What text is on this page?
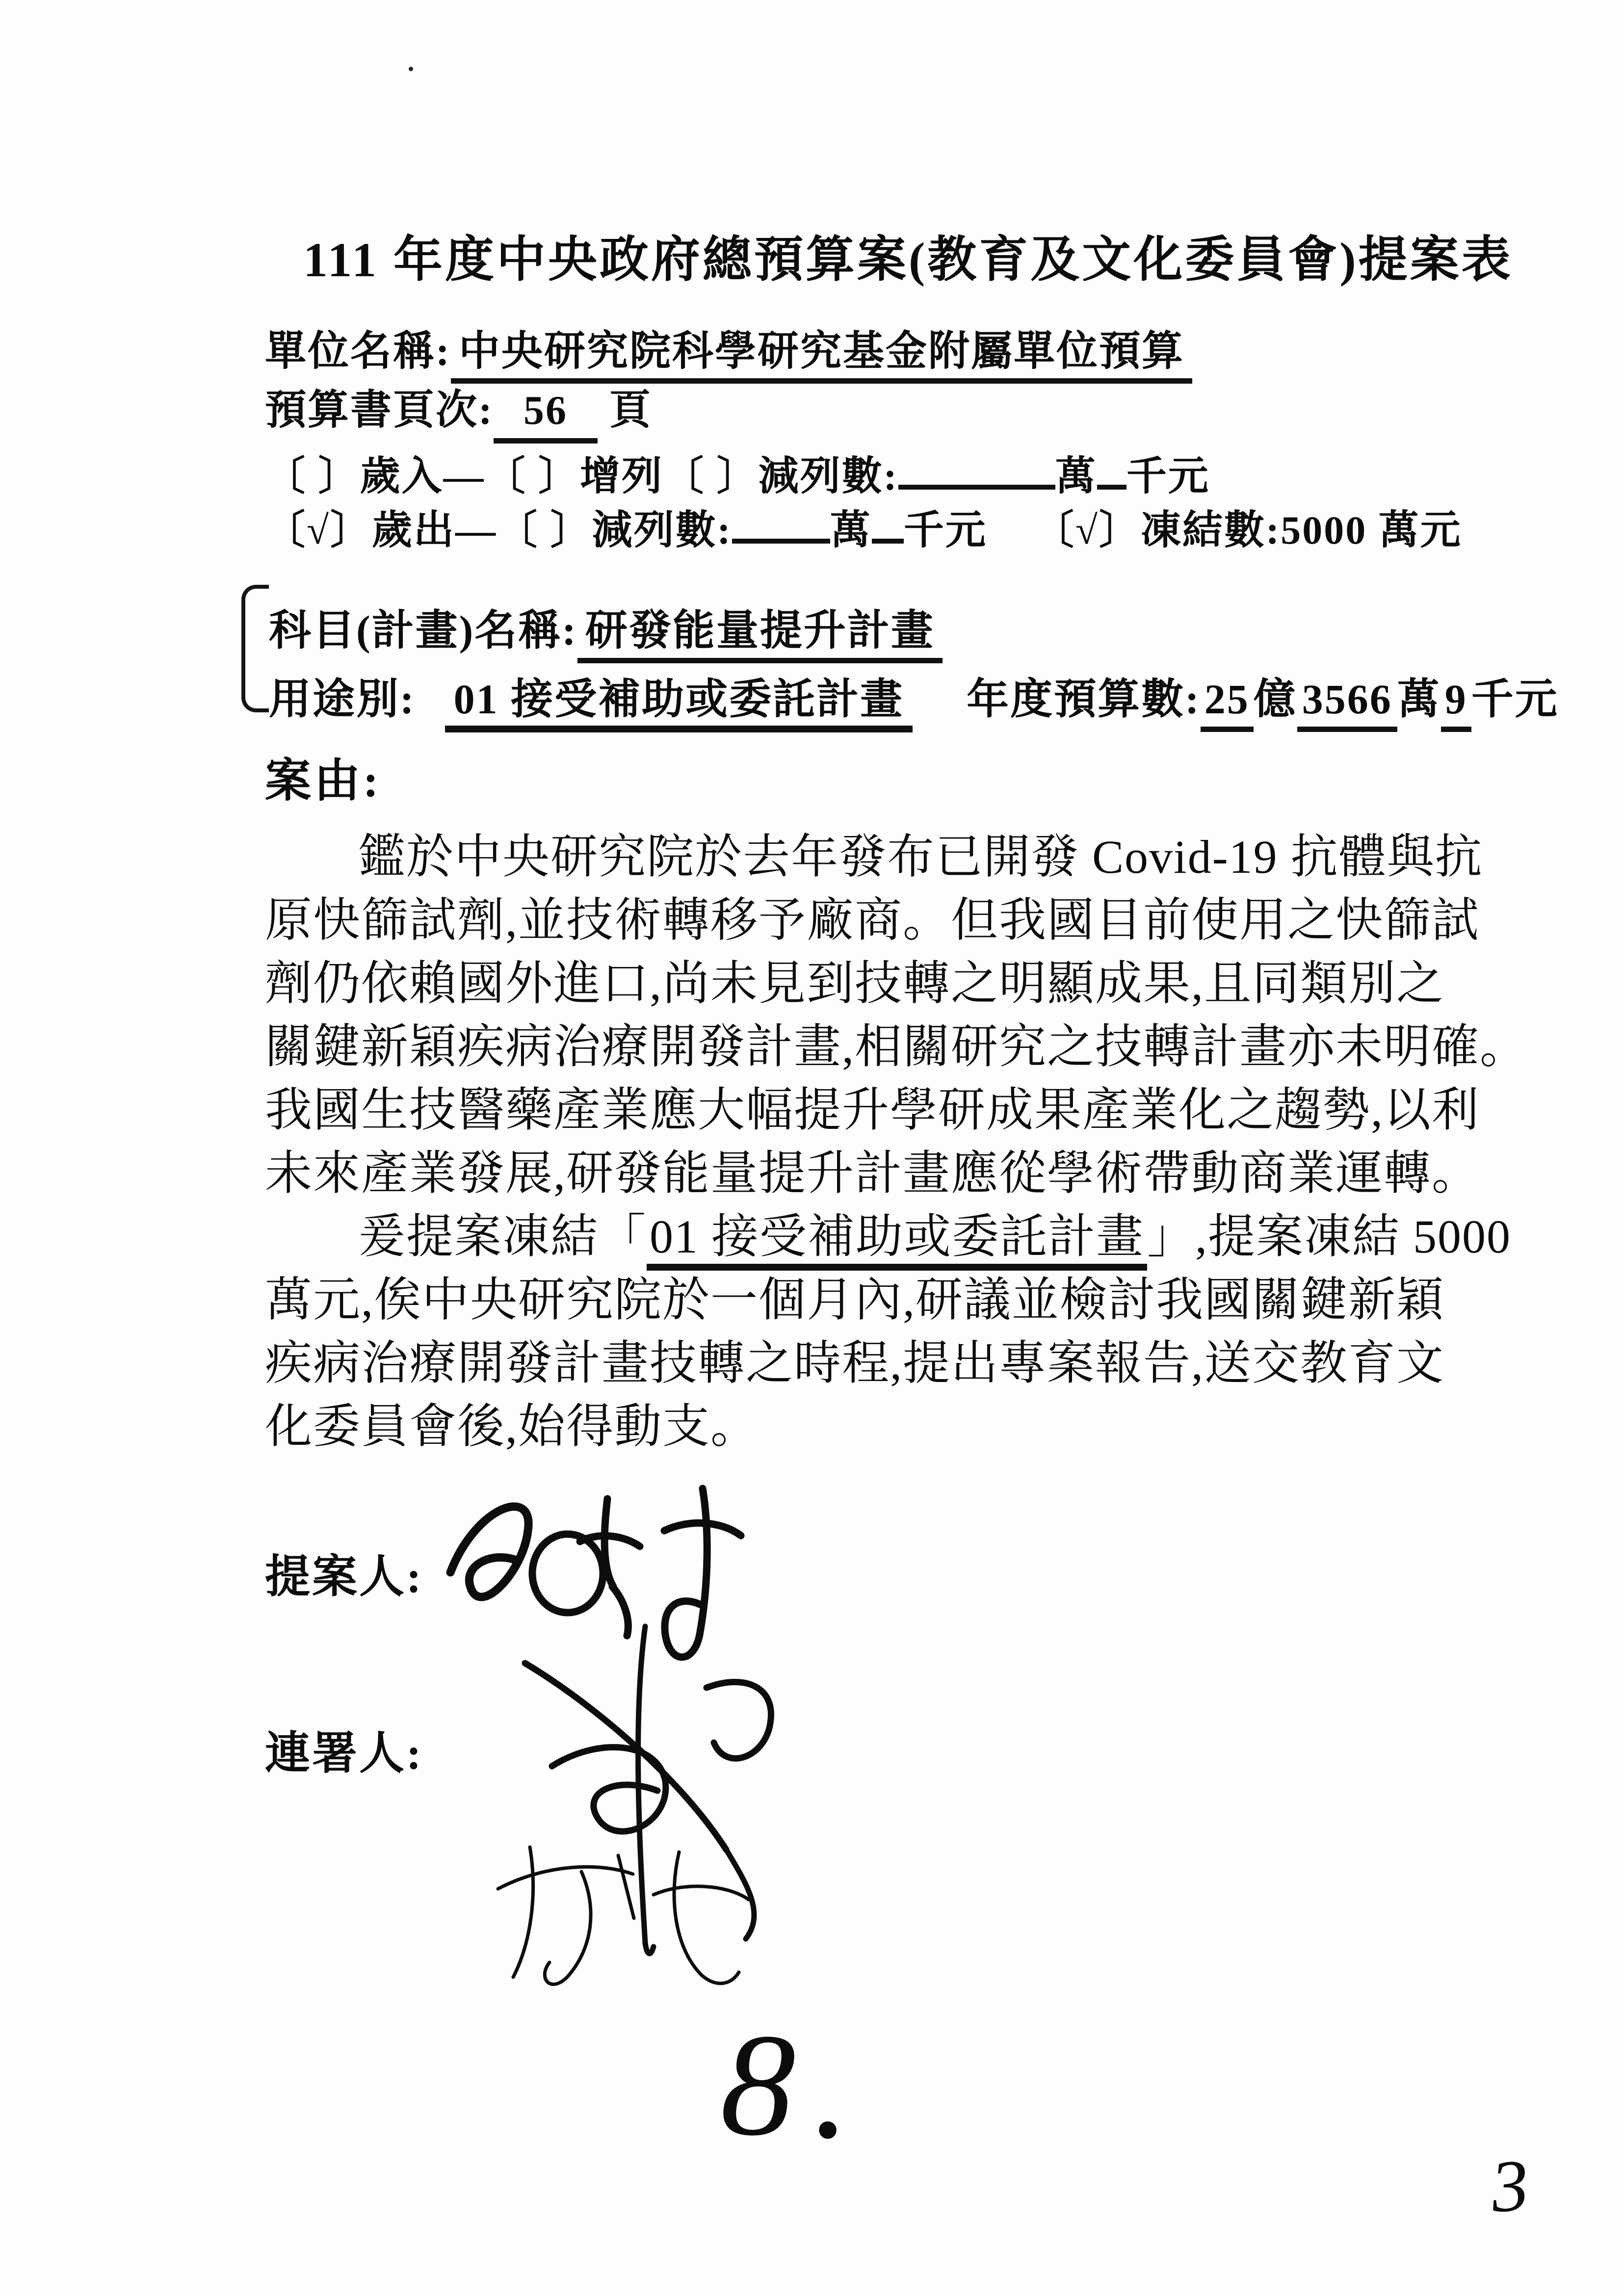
111 年度中央政府總預算案(教育及文化委員會)提案表
單位名稱: 中央研究院科學研究基金附屬單位預算
預算書頁次: 56 頁
〔 〕歲入—〔 〕增列〔 〕減列數:	萬 千元
〔√〕歲出—〔 〕減列數: 萬 千元 〔√〕凍結數:5000 萬元
科目(計畫)名稱: 研發能量提升計畫
用途別: 01 接受補助或委託計畫 年度預算數:25億 3566 萬9千元
案由:
鑑於中央研究院於去年發布已開發 Covid-19 抗體與抗
原快篩試劑,並技術轉移予廠商。但我國目前使用之快篩試
劑仍依賴國外進口,尚未見到技轉之明顯成果,且同類別之
關鍵新穎疾病治療開發計畫,相關研究之技轉計畫亦未明確。
我國生技醫藥產業應大幅提升學研成果產業化之趨勢,以利
未來產業發展,研發能量提升計畫應從學術帶動商業運轉。
爰提案凍結「01 接受補助或委託計畫」,提案凍結 5000
萬元,俟中央研究院於一個月內,研議並檢討我國關鍵新穎
疾病治療開發計畫技轉之時程,提出專案報告,送交教育文
化委員會後,始得動支。
提案人:
連署人:
8.
3
